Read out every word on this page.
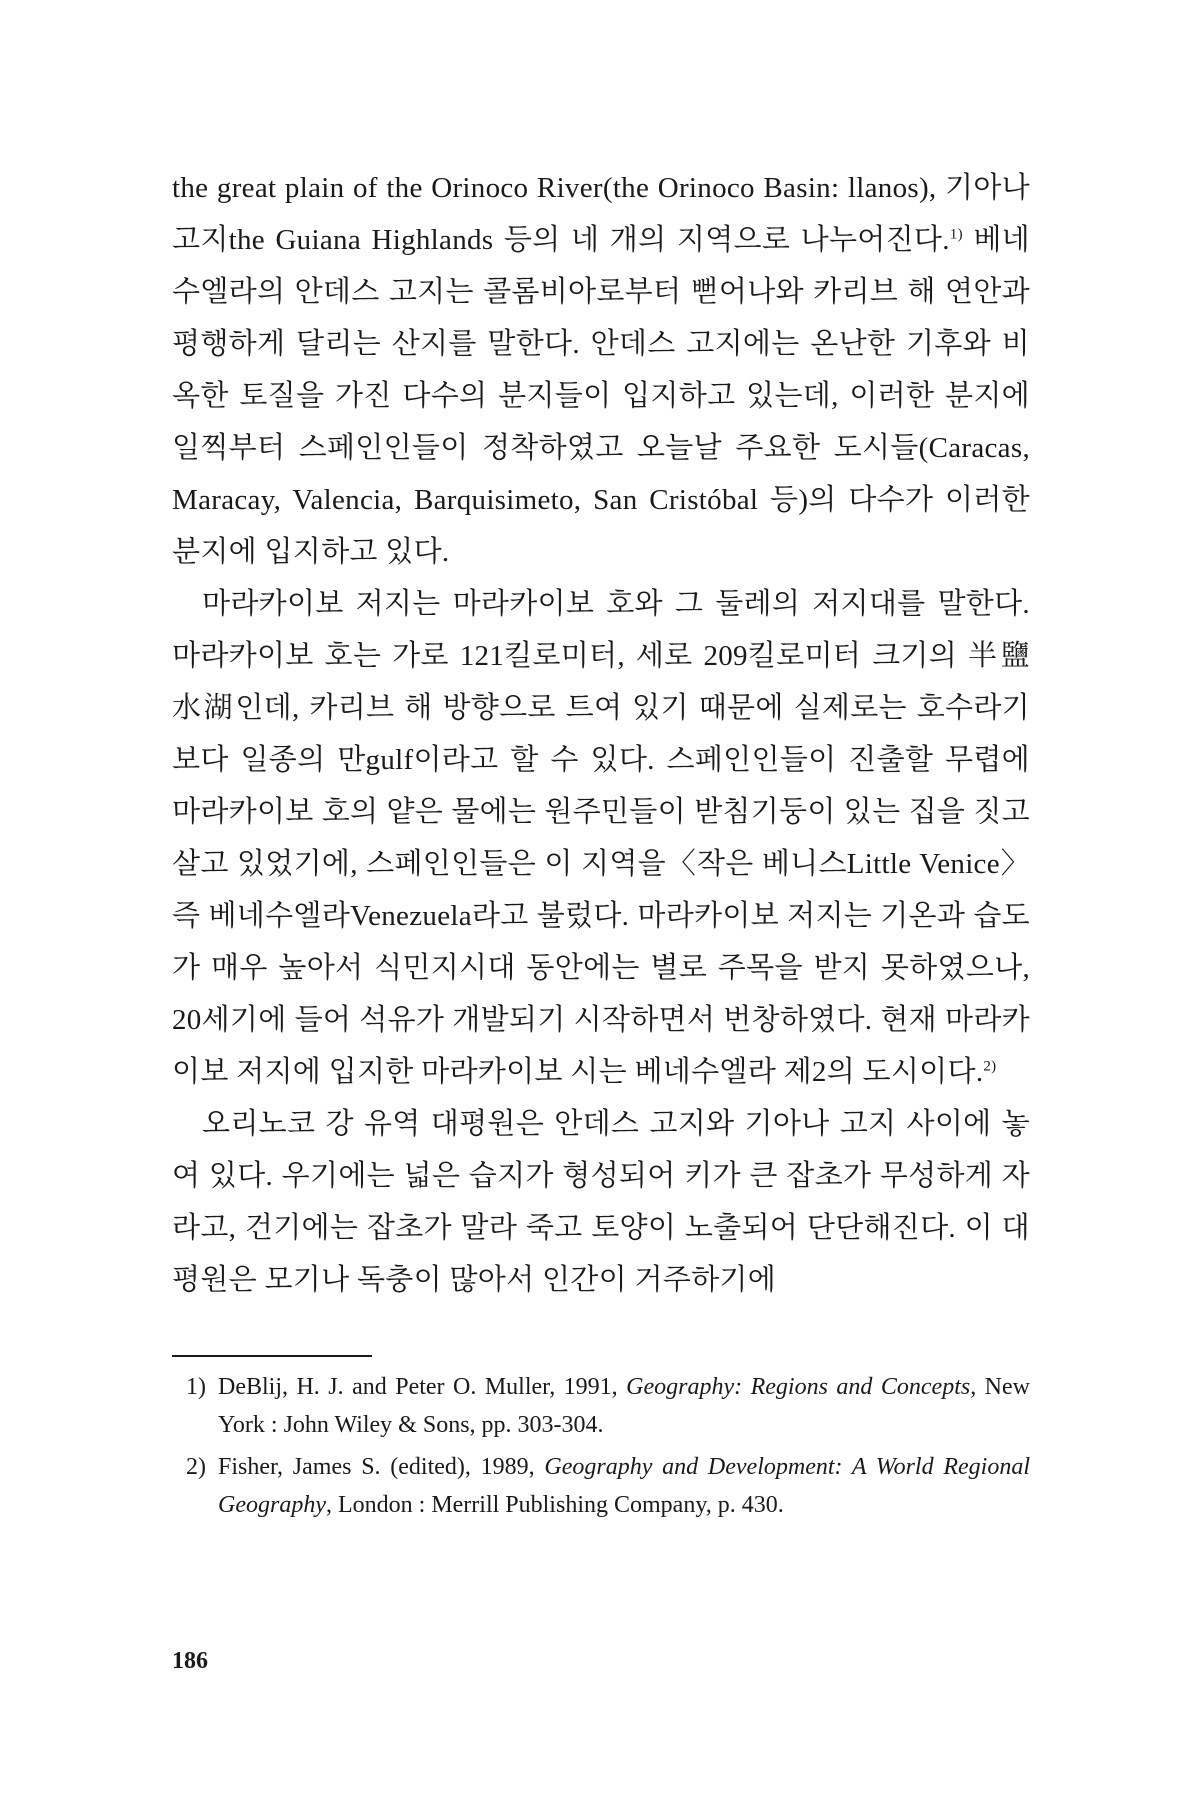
the great plain of the Orinoco River(the Orinoco Basin: llanos), 기아나 고지the Guiana Highlands 등의 네 개의 지역으로 나누어진다.$^{1)}$ 베네수엘라의 안데스 고지는 콜롬비아로부터 뻗어나와 카리브 해 연안과 평행하게 달리는 산지를 말한다. 안데스 고지에는 온난한 기후와 비옥한 토질을 가진 다수의 분지들이 입지하고 있는데, 이러한 분지에 일찍부터 스페인인들이 정착하였고 오늘날 주요한 도시들(Caracas, Maracay, Valencia, Barquisimeto, San Cristóbal 등)의 다수가 이러한 분지에 입지하고 있다.

마라카이보 저지는 마라카이보 호와 그 둘레의 저지대를 말한다. 마라카이보 호는 가로 121킬로미터, 세로 209킬로미터 크기의 半鹽水湖인데, 카리브 해 방향으로 트여 있기 때문에 실제로는 호수라기보다 일종의 만gulf이라고 할 수 있다. 스페인인들이 진출할 무렵에 마라카이보 호의 얕은 물에는 원주민들이 받침기둥이 있는 집을 짓고 살고 있었기에, 스페인인들은 이 지역을〈작은 베니스Little Venice〉즉 베네수엘라Venezuela라고 불렀다. 마라카이보 저지는 기온과 습도가 매우 높아서 식민지시대 동안에는 별로 주목을 받지 못하였으나, 20세기에 들어 석유가 개발되기 시작하면서 번창하였다. 현재 마라카이보 저지에 입지한 마라카이보 시는 베네수엘라 제2의 도시이다.$^{2)}$

오리노코 강 유역 대평원은 안데스 고지와 기아나 고지 사이에 놓여 있다. 우기에는 넓은 습지가 형성되어 키가 큰 잡초가 무성하게 자라고, 건기에는 잡초가 말라 죽고 토양이 노출되어 단단해진다. 이 대평원은 모기나 독충이 많아서 인간이 거주하기에

1) DeBlij, H. J. and Peter O. Muller, 1991, Geography: Regions and Concepts, New York : John Wiley & Sons, pp. 303-304.
2) Fisher, James S. (edited), 1989, Geography and Development: A World Regional Geography, London : Merrill Publishing Company, p. 430.
186
